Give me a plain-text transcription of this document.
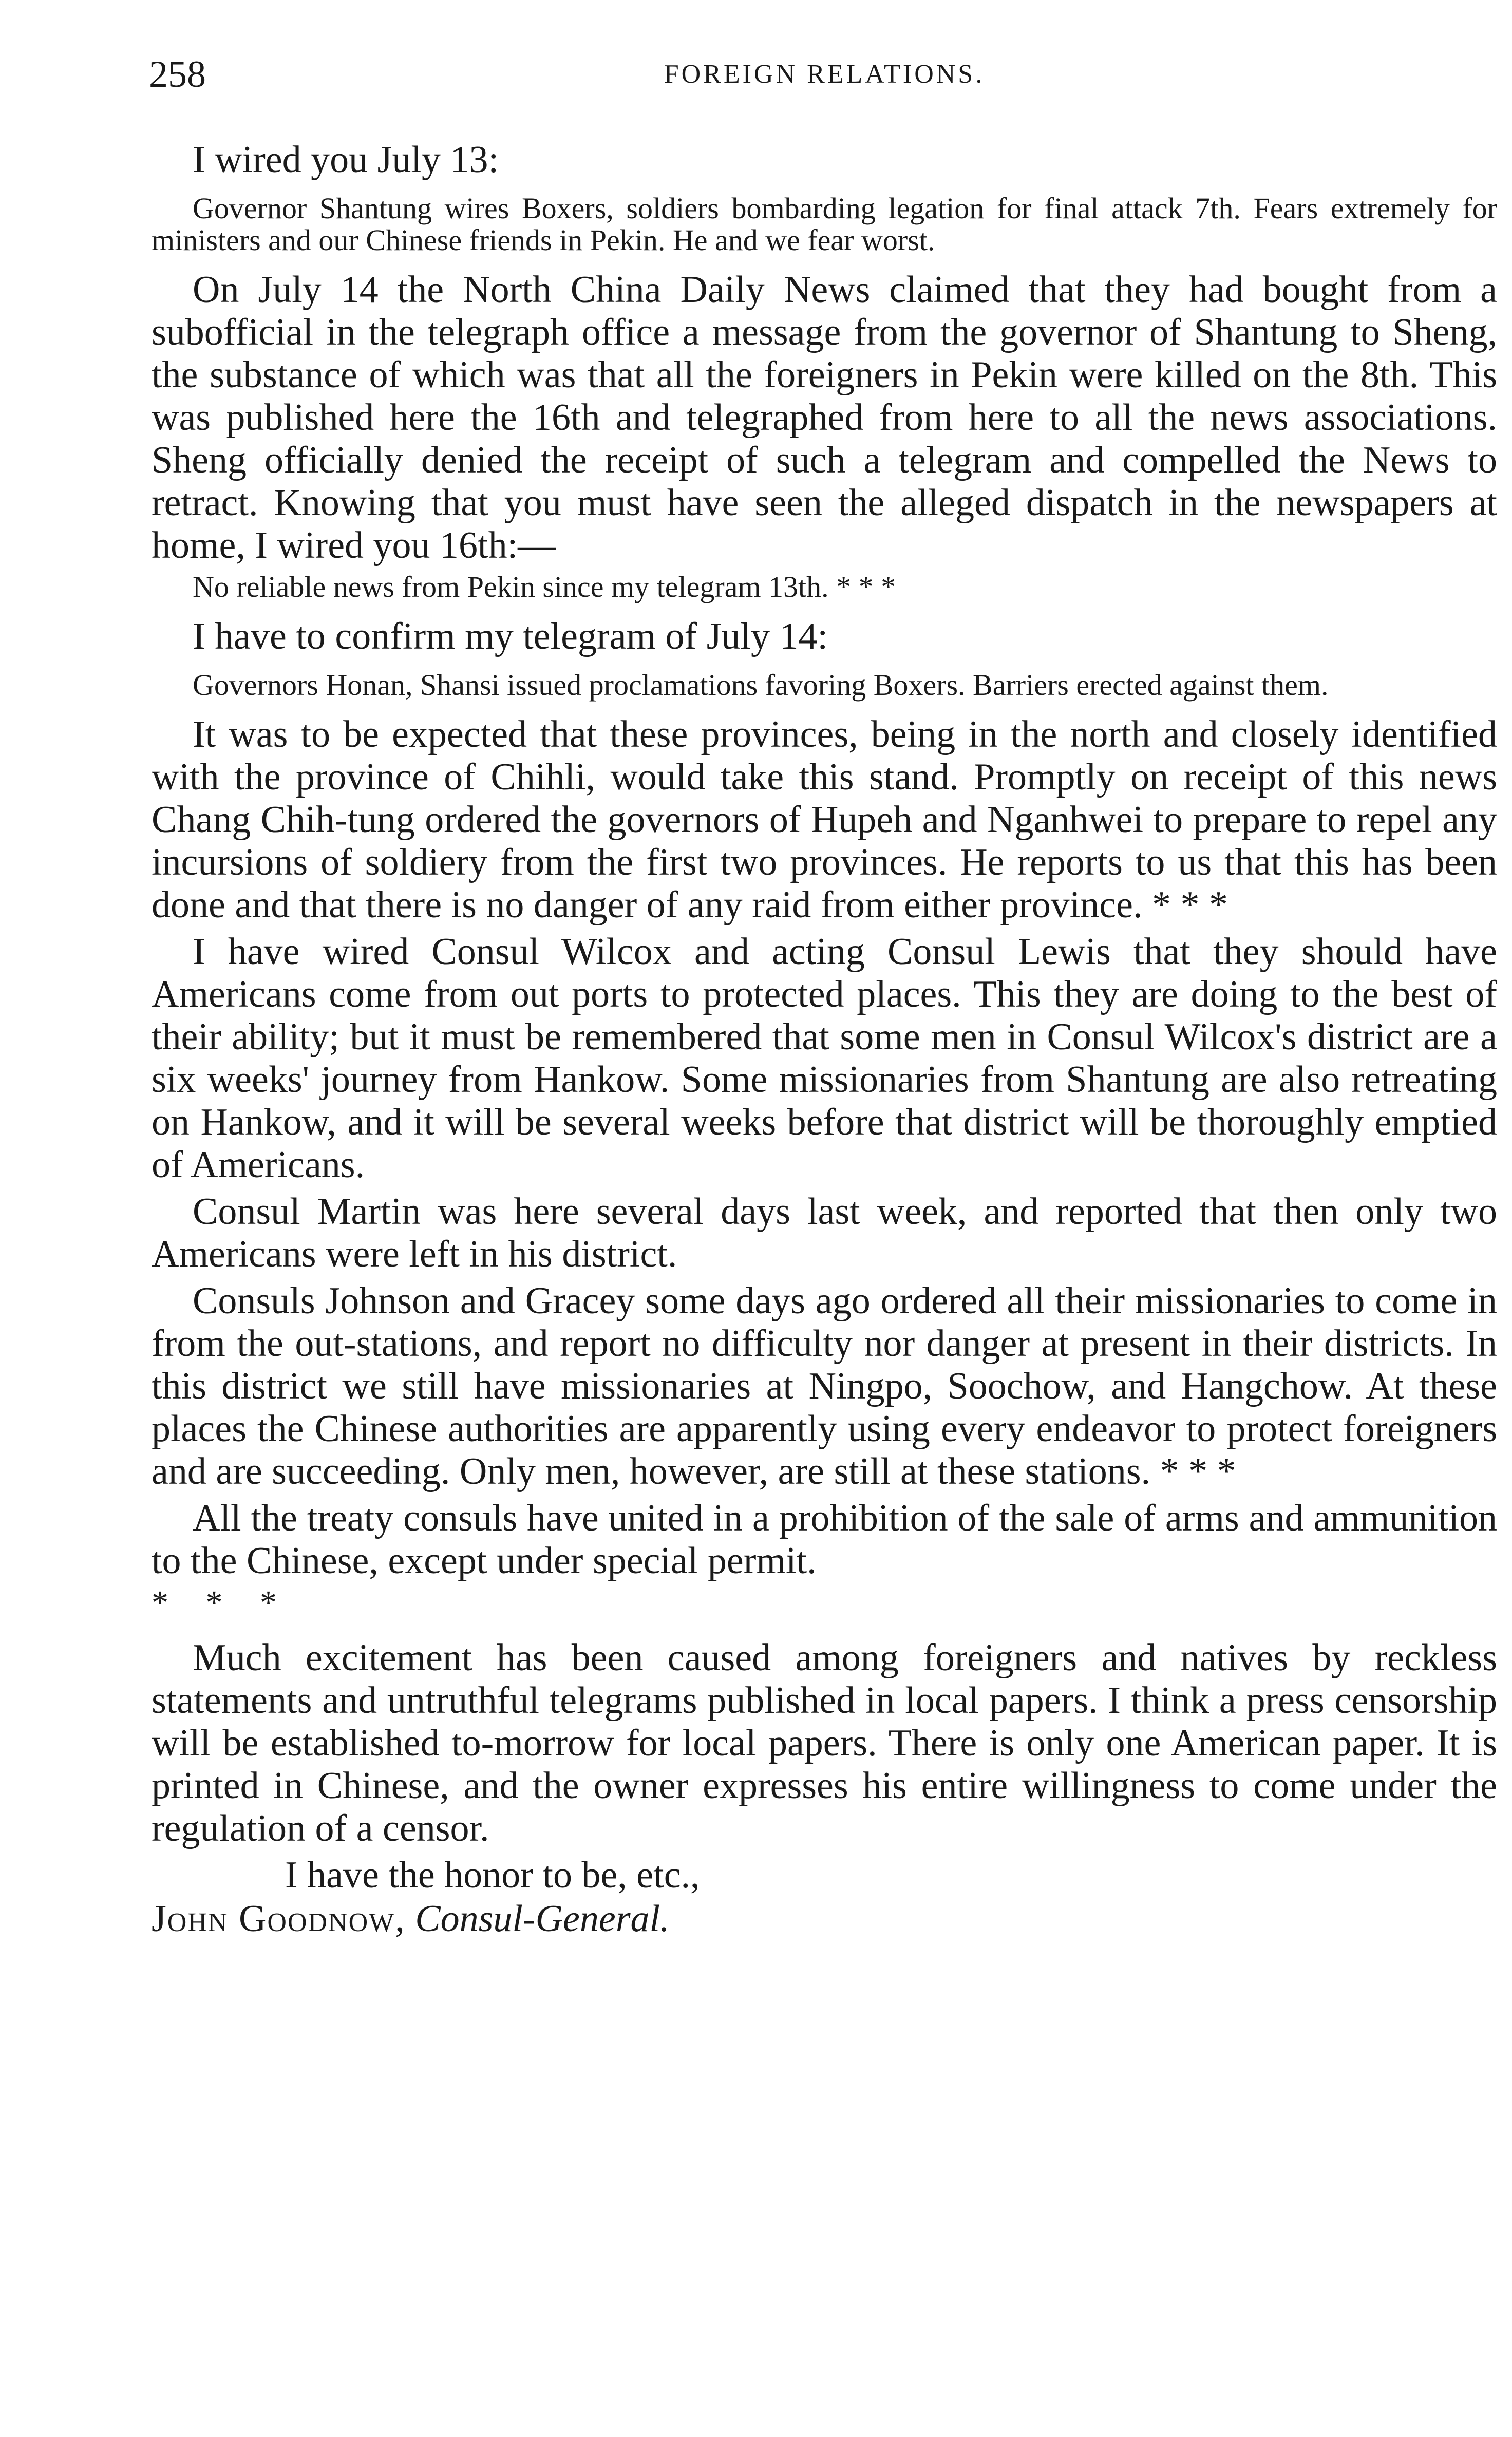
258	FOREIGN RELATIONS.

I wired you July 13:

Governor Shantung wires Boxers, soldiers bombarding legation for final attack 7th. Fears extremely for ministers and our Chinese friends in Pekin. He and we fear worst.

On July 14 the North China Daily News claimed that they had bought from a subofficial in the telegraph office a message from the governor of Shantung to Sheng, the substance of which was that all the foreigners in Pekin were killed on the 8th. This was published here the 16th and telegraphed from here to all the news associations. Sheng officially denied the receipt of such a telegram and compelled the News to retract. Knowing that you must have seen the alleged dispatch in the newspapers at home, I wired you 16th:—

No reliable news from Pekin since my telegram 13th. * * *

I have to confirm my telegram of July 14:

Governors Honan, Shansi issued proclamations favoring Boxers. Barriers erected against them.

It was to be expected that these provinces, being in the north and closely identified with the province of Chihli, would take this stand. Promptly on receipt of this news Chang Chih-tung ordered the governors of Hupeh and Nganhwei to prepare to repel any incursions of soldiery from the first two provinces. He reports to us that this has been done and that there is no danger of any raid from either province. * * *

I have wired Consul Wilcox and acting Consul Lewis that they should have Americans come from out ports to protected places. This they are doing to the best of their ability; but it must be remembered that some men in Consul Wilcox's district are a six weeks' journey from Hankow. Some missionaries from Shantung are also retreating on Hankow, and it will be several weeks before that district will be thoroughly emptied of Americans.

Consul Martin was here several days last week, and reported that then only two Americans were left in his district.

Consuls Johnson and Gracey some days ago ordered all their missionaries to come in from the out-stations, and report no difficulty nor danger at present in their districts. In this district we still have missionaries at Ningpo, Soochow, and Hangchow. At these places the Chinese authorities are apparently using every endeavor to protect foreigners and are succeeding. Only men, however, are still at these stations. * * *

All the treaty consuls have united in a prohibition of the sale of arms and ammunition to the Chinese, except under special permit.

* * *

Much excitement has been caused among foreigners and natives by reckless statements and untruthful telegrams published in local papers. I think a press censorship will be established to-morrow for local papers. There is only one American paper. It is printed in Chinese, and the owner expresses his entire willingness to come under the regulation of a censor.

I have the honor to be, etc.,

John Goodnow, Consul-General.
